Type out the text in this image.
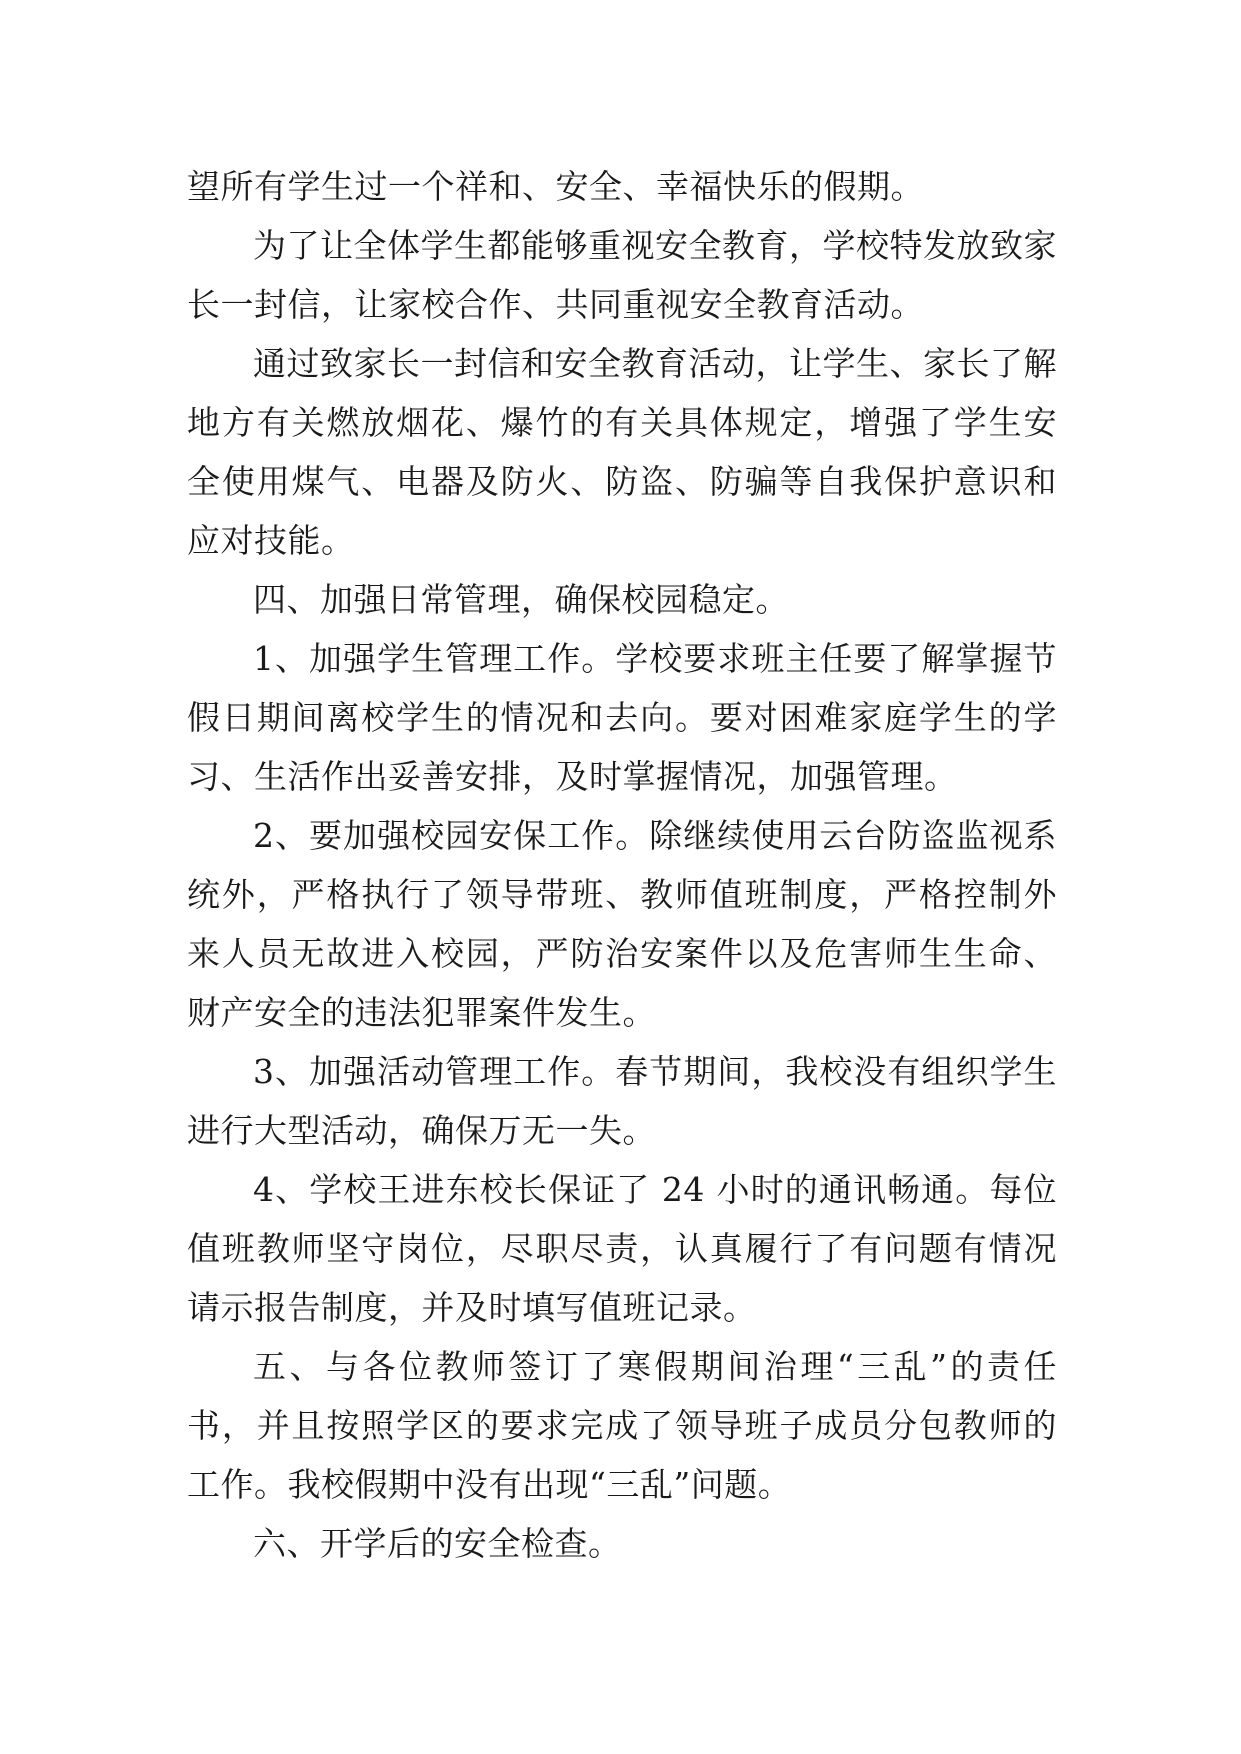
望所有学生过一个祥和、安全、幸福快乐的假期。

为了让全体学生都能够重视安全教育，学校特发放致家长一封信，让家校合作、共同重视安全教育活动。

通过致家长一封信和安全教育活动，让学生、家长了解地方有关燃放烟花、爆竹的有关具体规定，增强了学生安全使用煤气、电器及防火、防盗、防骗等自我保护意识和应对技能。

四、加强日常管理，确保校园稳定。

1、加强学生管理工作。学校要求班主任要了解掌握节假日期间离校学生的情况和去向。要对困难家庭学生的学习、生活作出妥善安排，及时掌握情况，加强管理。

2、要加强校园安保工作。除继续使用云台防盗监视系统外，严格执行了领导带班、教师值班制度，严格控制外来人员无故进入校园，严防治安案件以及危害师生生命、财产安全的违法犯罪案件发生。

3、加强活动管理工作。春节期间，我校没有组织学生进行大型活动，确保万无一失。

4、学校王进东校长保证了 24 小时的通讯畅通。每位值班教师坚守岗位，尽职尽责，认真履行了有问题有情况请示报告制度，并及时填写值班记录。

五、与各位教师签订了寒假期间治理“三乱”的责任书，并且按照学区的要求完成了领导班子成员分包教师的工作。我校假期中没有出现“三乱”问题。

六、开学后的安全检查。
